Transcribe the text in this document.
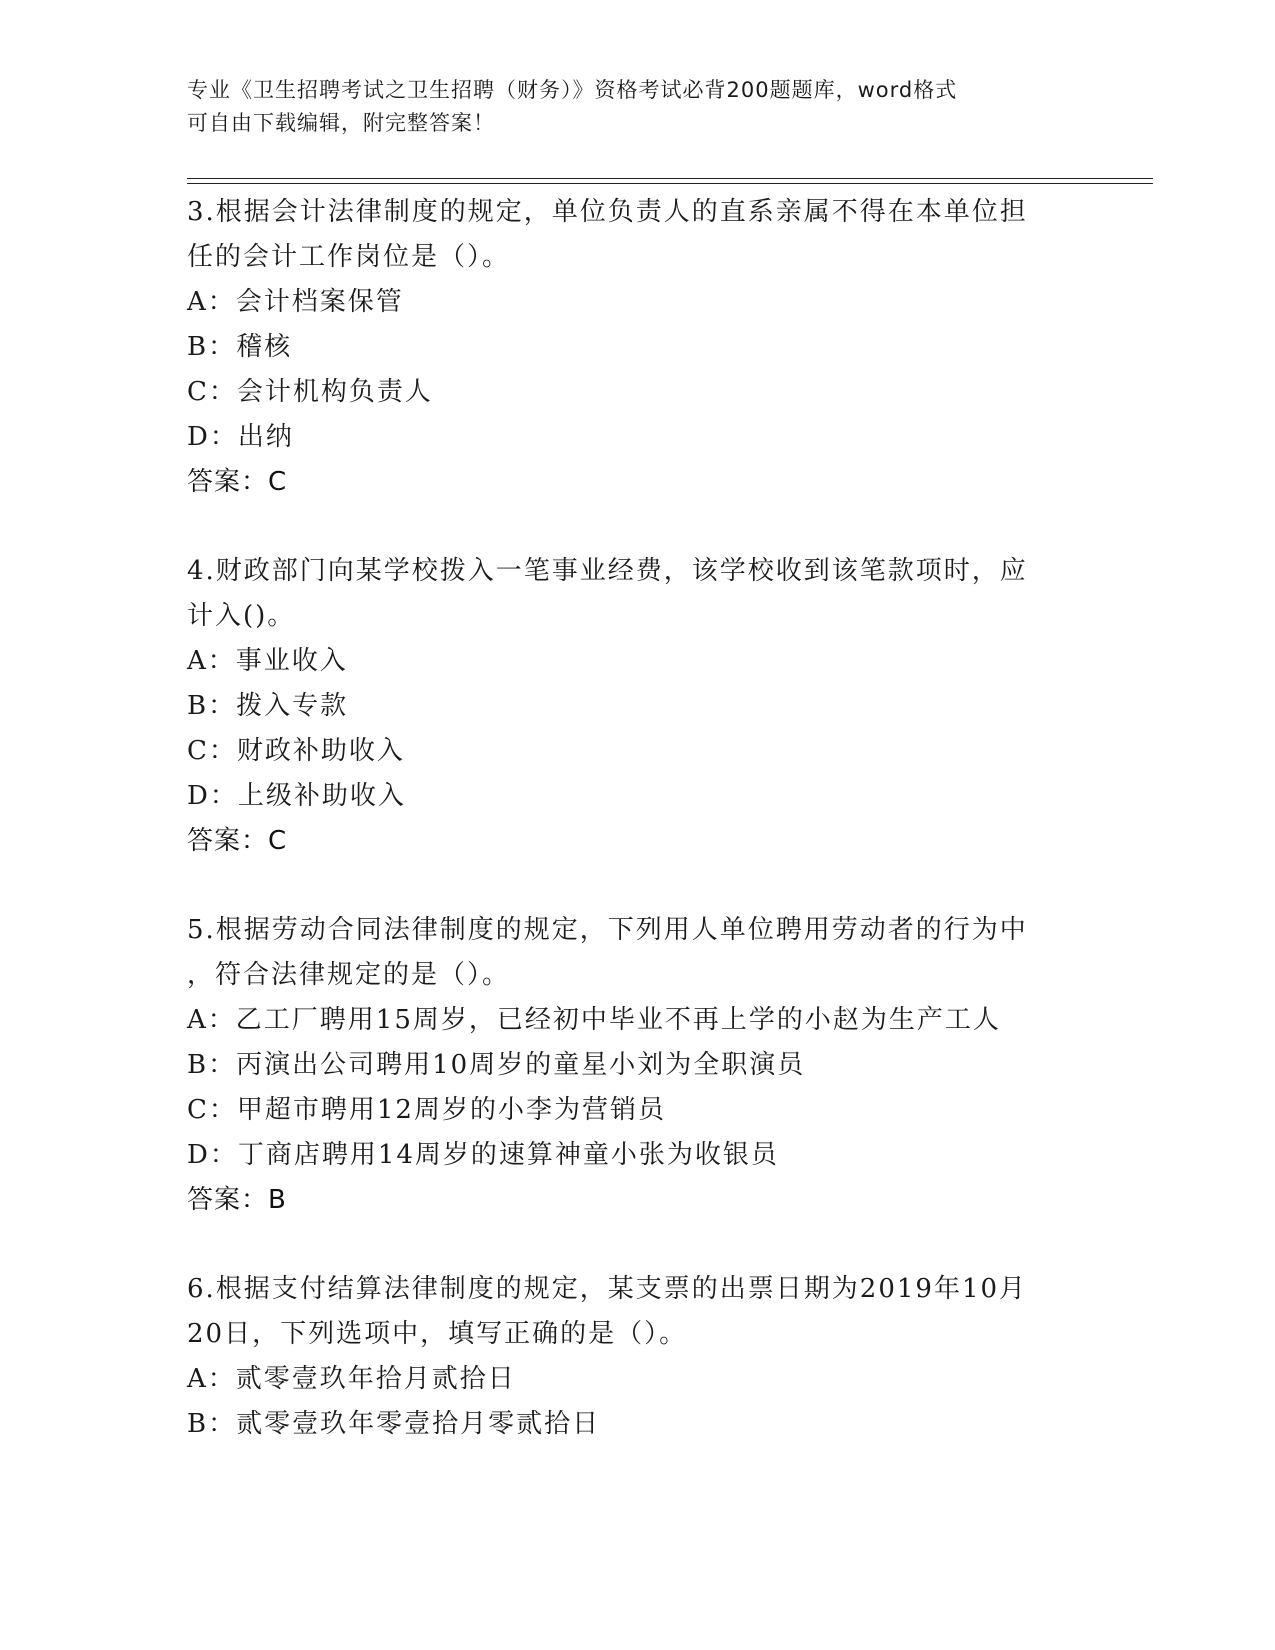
专业《卫生招聘考试之卫生招聘（财务）》资格考试必背200题题库，word格式
可自由下载编辑，附完整答案！
3.根据会计法律制度的规定，单位负责人的直系亲属不得在本单位担
任的会计工作岗位是（）。
A：会计档案保管
B：稽核
C：会计机构负责人
D：出纳
答案：C
4.财政部门向某学校拨入一笔事业经费，该学校收到该笔款项时，应
计入()。
A：事业收入
B：拨入专款
C：财政补助收入
D：上级补助收入
答案：C
5.根据劳动合同法律制度的规定，下列用人单位聘用劳动者的行为中
，符合法律规定的是（）。
A：乙工厂聘用15周岁，已经初中毕业不再上学的小赵为生产工人
B：丙演出公司聘用10周岁的童星小刘为全职演员
C：甲超市聘用12周岁的小李为营销员
D：丁商店聘用14周岁的速算神童小张为收银员
答案：B
6.根据支付结算法律制度的规定，某支票的出票日期为2019年10月
20日，下列选项中，填写正确的是（）。
A：贰零壹玖年拾月贰拾日
B：贰零壹玖年零壹拾月零贰拾日
